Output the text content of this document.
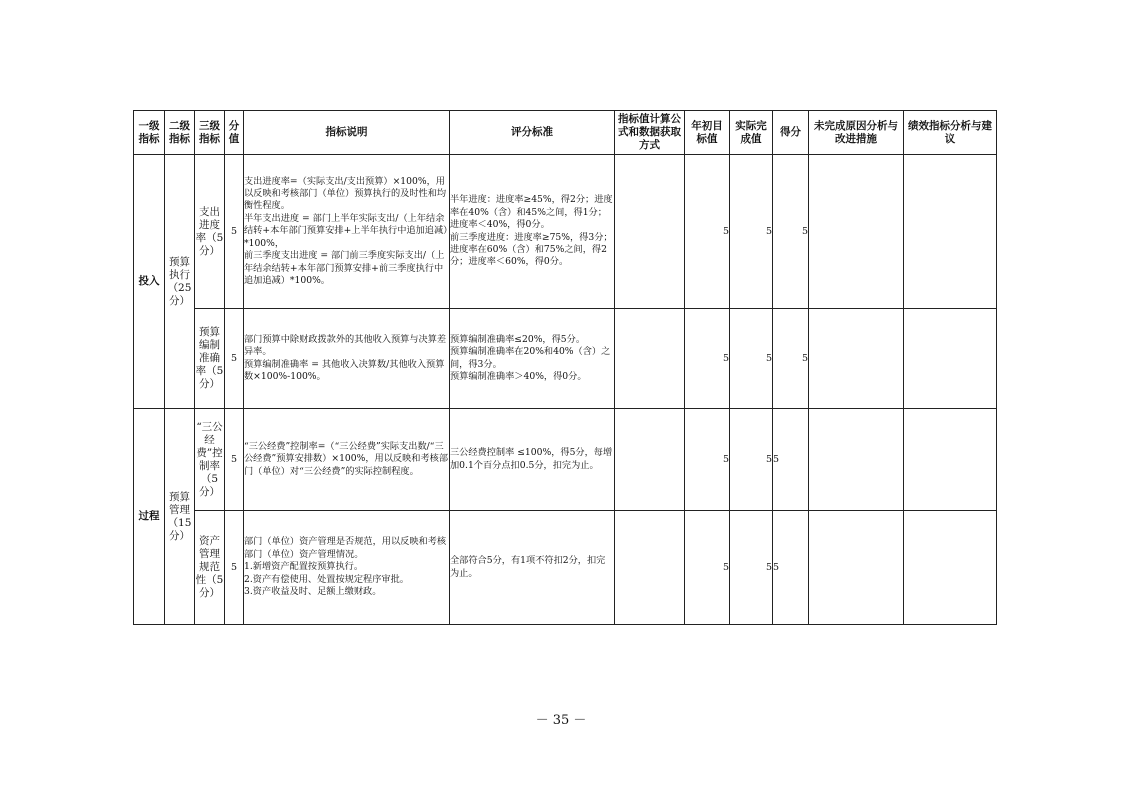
一级指标	二级指标	三级指标	分值	指标说明	评分标准	指标值计算公式和数据获取方式	年初目标值	实际完成值	得分	未完成原因分析与改进措施	绩效指标分析与建议

投入	预算执行（25分）	支出进度率（5分）	5	支出进度率=（实际支出/支出预算）×100%，用以反映和考核部门（单位）预算执行的及时性和均衡性程度。
半年支出进度 = 部门上半年实际支出/（上年结余结转+本年部门预算安排+上半年执行中追加追减）*100%，
前三季度支出进度 = 部门前三季度实际支出/（上年结余结转+本年部门预算安排+前三季度执行中追加追减）*100%。	半年进度：进度率≥45%，得2分；进度率在40%（含）和45%之间，得1分；进度率＜40%，得0分。
前三季度进度：进度率≥75%，得3分；进度率在60%（含）和75%之间，得2分；进度率＜60%，得0分。		5	5	5		
		预算编制准确率（5分）	5	部门预算中除财政拨款外的其他收入预算与决算差异率。
预算编制准确率 = 其他收入决算数/其他收入预算数×100%-100%。	预算编制准确率≤20%，得5分。
预算编制准确率在20%和40%（含）之间，得3分。
预算编制准确率＞40%，得0分。		5	5	5		
过程	预算管理（15分）	“三公经费”控制率（5分）	5	“三公经费”控制率=（“三公经费”实际支出数/“三公经费”预算安排数）×100%，用以反映和考核部门（单位）对“三公经费”的实际控制程度。	三公经费控制率 ≤100%，得5分，每增加0.1个百分点扣0.5分，扣完为止。		5	5	5		
		资产管理规范性（5分）	5	部门（单位）资产管理是否规范，用以反映和考核部门（单位）资产管理情况。
1.新增资产配置按预算执行。
2.资产有偿使用、处置按规定程序审批。
3.资产收益及时、足额上缴财政。	全部符合5分，有1项不符扣2分，扣完为止。		5	5	5		
－ 35 －
